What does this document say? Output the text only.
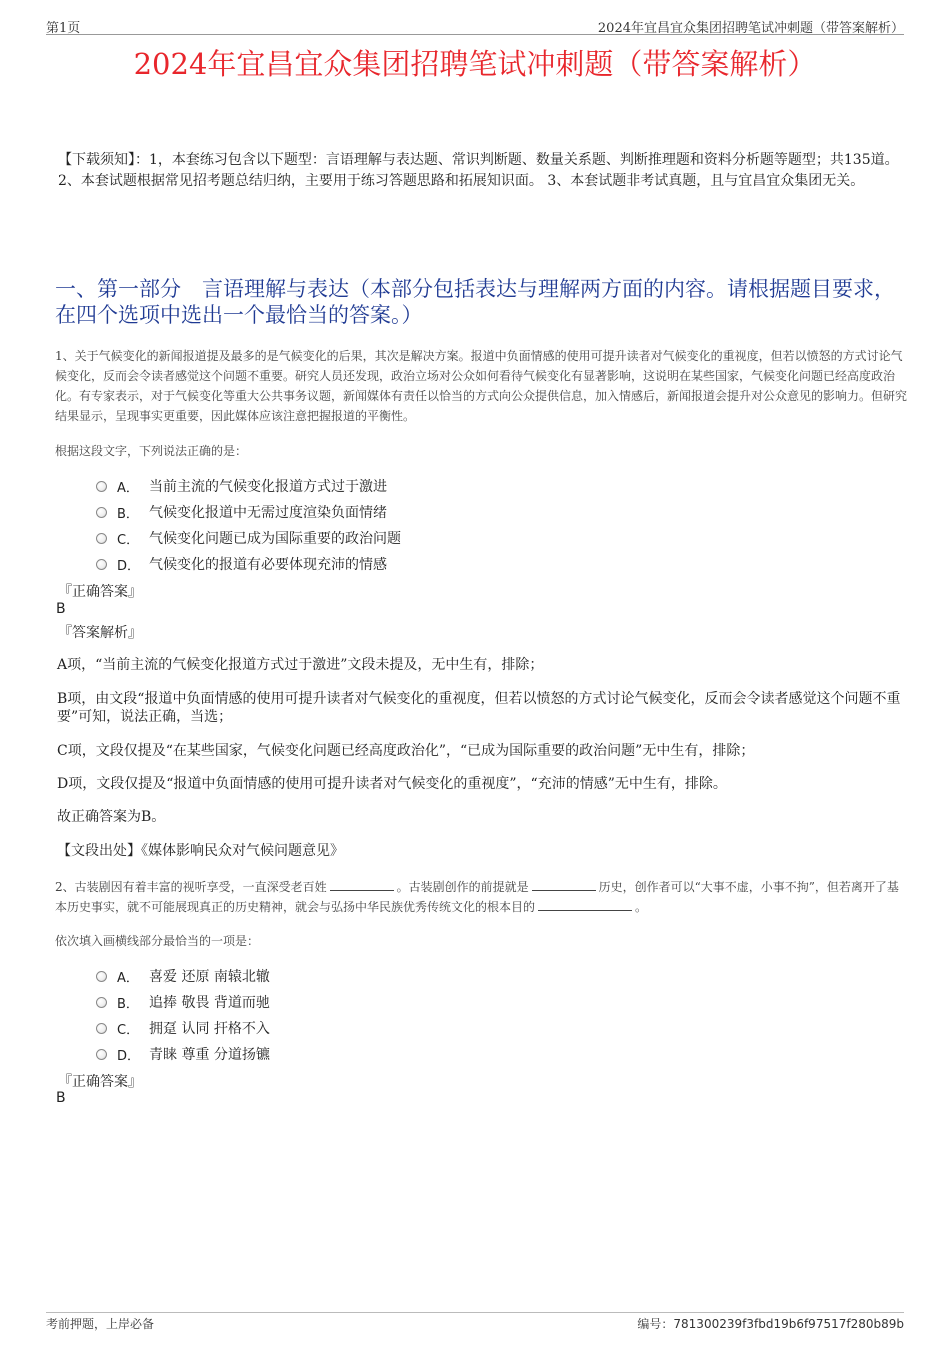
第1页	2024年宜昌宜众集团招聘笔试冲刺题（带答案解析）
2024年宜昌宜众集团招聘笔试冲刺题（带答案解析）
【下载须知】：1，本套练习包含以下题型：言语理解与表达题、常识判断题、数量关系题、判断推理题和资料分析题等题型；共135道。 2、本套试题根据常见招考题总结归纳，主要用于练习答题思路和拓展知识面。 3、本套试题非考试真题，且与宜昌宜众集团无关。
一、第一部分　言语理解与表达（本部分包括表达与理解两方面的内容。请根据题目要求，在四个选项中选出一个最恰当的答案。）
1、关于气候变化的新闻报道提及最多的是气候变化的后果，其次是解决方案。报道中负面情感的使用可提升读者对气候变化的重视度，但若以愤怒的方式讨论气候变化，反而会令读者感觉这个问题不重要。研究人员还发现，政治立场对公众如何看待气候变化有显著影响，这说明在某些国家，气候变化问题已经高度政治化。有专家表示，对于气候变化等重大公共事务议题，新闻媒体有责任以恰当的方式向公众提供信息，加入情感后，新闻报道会提升对公众意见的影响力。但研究结果显示，呈现事实更重要，因此媒体应该注意把握报道的平衡性。
根据这段文字，下列说法正确的是：
A． 当前主流的气候变化报道方式过于激进
B． 气候变化报道中无需过度渲染负面情绪
C． 气候变化问题已成为国际重要的政治问题
D． 气候变化的报道有必要体现充沛的情感
『正确答案』
B
『答案解析』
A项，“当前主流的气候变化报道方式过于激进”文段未提及，无中生有，排除；
B项，由文段“报道中负面情感的使用可提升读者对气候变化的重视度，但若以愤怒的方式讨论气候变化，反而会令读者感觉这个问题不重要”可知，说法正确，当选；
C项，文段仅提及“在某些国家，气候变化问题已经高度政治化”，“已成为国际重要的政治问题”无中生有，排除；
D项，文段仅提及“报道中负面情感的使用可提升读者对气候变化的重视度”，“充沛的情感”无中生有，排除。
故正确答案为B。
【文段出处】《媒体影响民众对气候问题意见》
2、古装剧因有着丰富的视听享受，一直深受老百姓	。古装剧创作的前提就是	历史，创作者可以“大事不虚，小事不拘”，但若离开了基本历史事实，就不可能展现真正的历史精神，就会与弘扬中华民族优秀传统文化的根本目的	。
依次填入画横线部分最恰当的一项是：
A． 喜爱 还原 南辕北辙
B． 追捧 敬畏 背道而驰
C． 拥趸 认同 扞格不入
D． 青睐 尊重 分道扬镳
『正确答案』
B
考前押题，上岸必备	编号：781300239f3fbd19b6f97517f280b89b
